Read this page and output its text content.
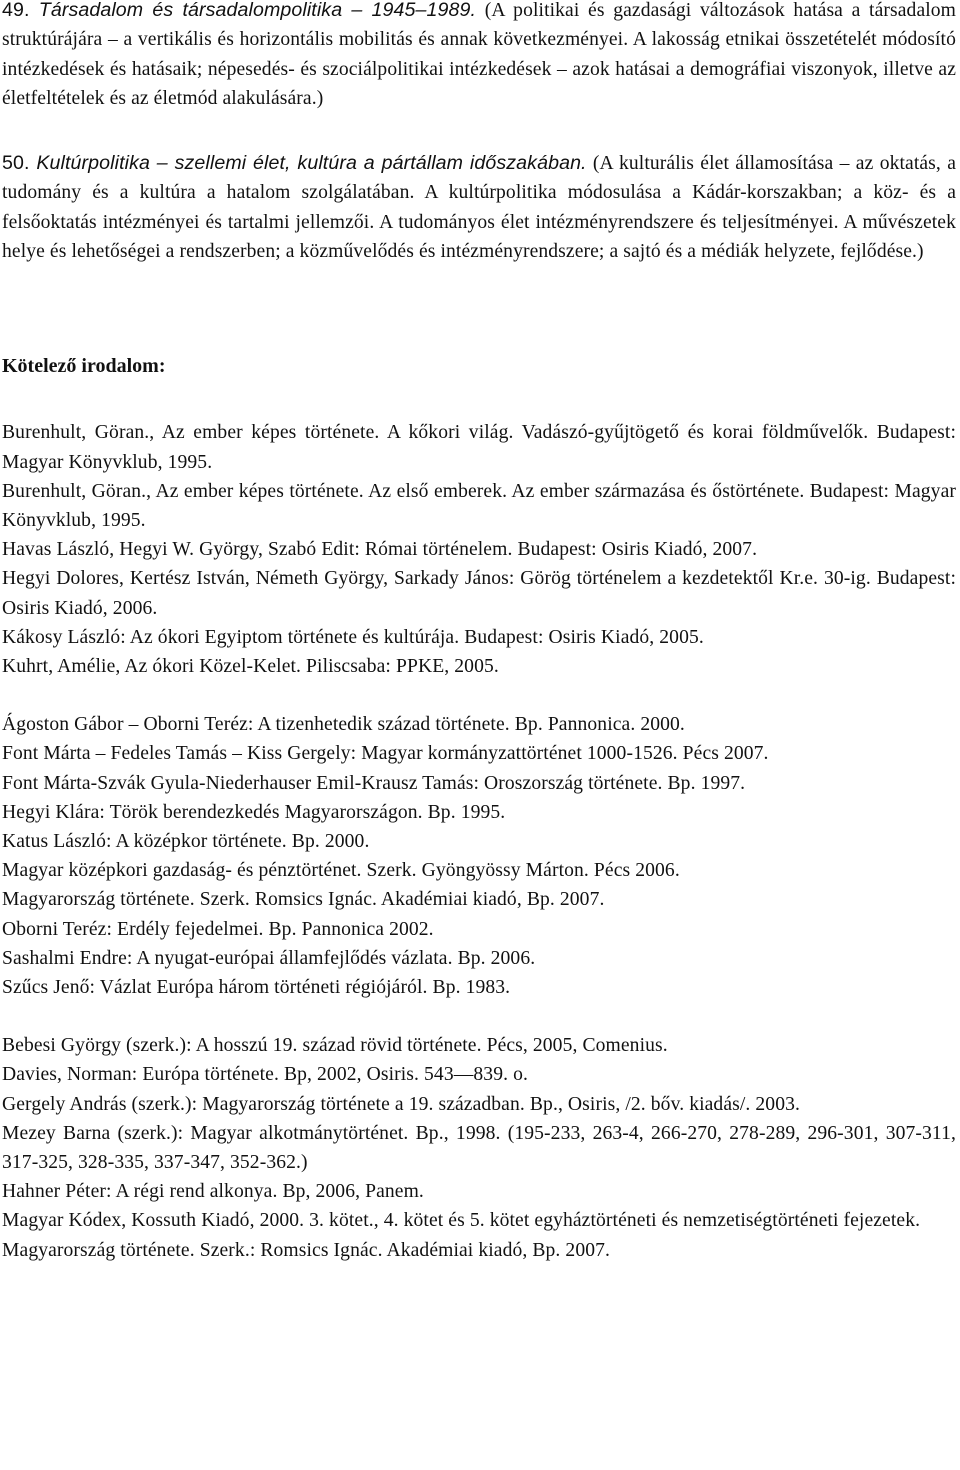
49. Társadalom és társadalompolitika – 1945–1989. (A politikai és gazdasági változások hatása a társadalom struktúrájára – a vertikális és horizontális mobilitás és annak következményei. A lakosság etnikai összetételét módosító intézkedések és hatásaik; népesedés- és szociálpolitikai intézkedések – azok hatásai a demográfiai viszonyok, illetve az életfeltételek és az életmód alakulására.)

50. Kultúrpolitika – szellemi élet, kultúra a pártállam időszakában. (A kulturális élet államosítása – az oktatás, a tudomány és a kultúra a hatalom szolgálatában. A kultúrpolitika módosulása a Kádár-korszakban; a köz- és a felsőoktatás intézményei és tartalmi jellemzői. A tudományos élet intézményrendszere és teljesítményei. A művészetek helye és lehetőségei a rendszerben; a közművelődés és intézményrendszere; a sajtó és a médiák helyzete, fejlődése.)

Kötelező irodalom:
Burenhult, Göran., Az ember képes története. A kőkori világ. Vadászó-gyűjtögető és korai földművelők. Budapest: Magyar Könyvklub, 1995.
Burenhult, Göran., Az ember képes története. Az első emberek. Az ember származása és őstörténete. Budapest: Magyar Könyvklub, 1995.
Havas László, Hegyi W. György, Szabó Edit: Római történelem. Budapest: Osiris Kiadó, 2007.
Hegyi Dolores, Kertész István, Németh György, Sarkady János: Görög történelem a kezdetektől Kr.e. 30-ig. Budapest: Osiris Kiadó, 2006.
Kákosy László: Az ókori Egyiptom története és kultúrája. Budapest: Osiris Kiadó, 2005.
Kuhrt, Amélie, Az ókori Közel-Kelet. Piliscsaba: PPKE, 2005.
Ágoston Gábor – Oborni Teréz: A tizenhetedik század története. Bp. Pannonica. 2000.
Font Márta – Fedeles Tamás – Kiss Gergely: Magyar kormányzattörténet 1000-1526. Pécs 2007.
Font Márta-Szvák Gyula-Niederhauser Emil-Krausz Tamás: Oroszország története. Bp. 1997.
Hegyi Klára: Török berendezkedés Magyarországon. Bp. 1995.
Katus László: A középkor története. Bp. 2000.
Magyar középkori gazdaság- és pénztörténet. Szerk. Gyöngyössy Márton. Pécs 2006.
Magyarország története. Szerk. Romsics Ignác. Akadémiai kiadó, Bp. 2007.
Oborni Teréz: Erdély fejedelmei. Bp. Pannonica 2002.
Sashalmi Endre: A nyugat-európai államfejlődés vázlata. Bp. 2006.
Szűcs Jenő: Vázlat Európa három történeti régiójáról. Bp. 1983.
Bebesi György (szerk.): A hosszú 19. század rövid története. Pécs, 2005, Comenius.
Davies, Norman: Európa története. Bp, 2002, Osiris. 543—839. o.
Gergely András (szerk.): Magyarország története a 19. században. Bp., Osiris, /2. bőv. kiadás/. 2003.
Mezey Barna (szerk.): Magyar alkotmánytörténet. Bp., 1998. (195-233, 263-4, 266-270, 278-289, 296-301, 307-311, 317-325, 328-335, 337-347, 352-362.)
Hahner Péter: A régi rend alkonya. Bp, 2006, Panem.
Magyar Kódex, Kossuth Kiadó, 2000. 3. kötet., 4. kötet és 5. kötet egyháztörténeti és nemzetiségtörténeti fejezetek.
Magyarország története. Szerk.: Romsics Ignác. Akadémiai kiadó, Bp. 2007.
